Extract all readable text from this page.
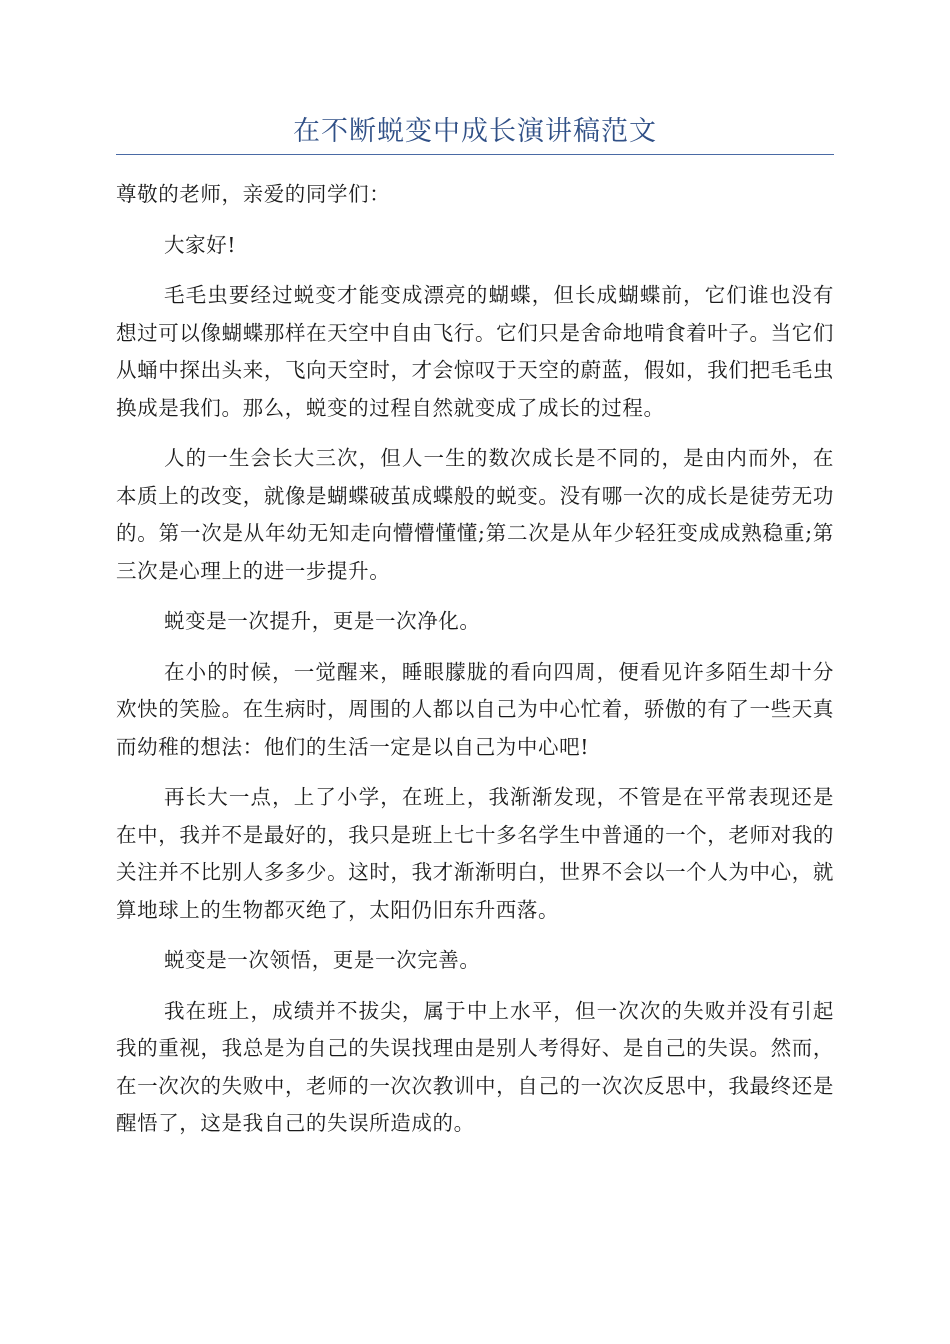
在不断蜕变中成长演讲稿范文

尊敬的老师，亲爱的同学们：

大家好!

毛毛虫要经过蜕变才能变成漂亮的蝴蝶，但长成蝴蝶前，它们谁也没有想过可以像蝴蝶那样在天空中自由飞行。它们只是舍命地啃食着叶子。当它们从蛹中探出头来，飞向天空时，才会惊叹于天空的蔚蓝，假如，我们把毛毛虫换成是我们。那么，蜕变的过程自然就变成了成长的过程。

人的一生会长大三次，但人一生的数次成长是不同的，是由内而外，在本质上的改变，就像是蝴蝶破茧成蝶般的蜕变。没有哪一次的成长是徒劳无功的。第一次是从年幼无知走向懵懵懂懂;第二次是从年少轻狂变成成熟稳重;第三次是心理上的进一步提升。

蜕变是一次提升，更是一次净化。

在小的时候，一觉醒来，睡眼朦胧的看向四周，便看见许多陌生却十分欢快的笑脸。在生病时，周围的人都以自己为中心忙着，骄傲的有了一些天真而幼稚的想法：他们的生活一定是以自己为中心吧!

再长大一点，上了小学，在班上，我渐渐发现，不管是在平常表现还是在中，我并不是最好的，我只是班上七十多名学生中普通的一个，老师对我的关注并不比别人多多少。这时，我才渐渐明白，世界不会以一个人为中心，就算地球上的生物都灭绝了，太阳仍旧东升西落。

蜕变是一次领悟，更是一次完善。

我在班上，成绩并不拔尖，属于中上水平，但一次次的失败并没有引起我的重视，我总是为自己的失误找理由是别人考得好、是自己的失误。然而，在一次次的失败中，老师的一次次教训中，自己的一次次反思中，我最终还是醒悟了，这是我自己的失误所造成的。
